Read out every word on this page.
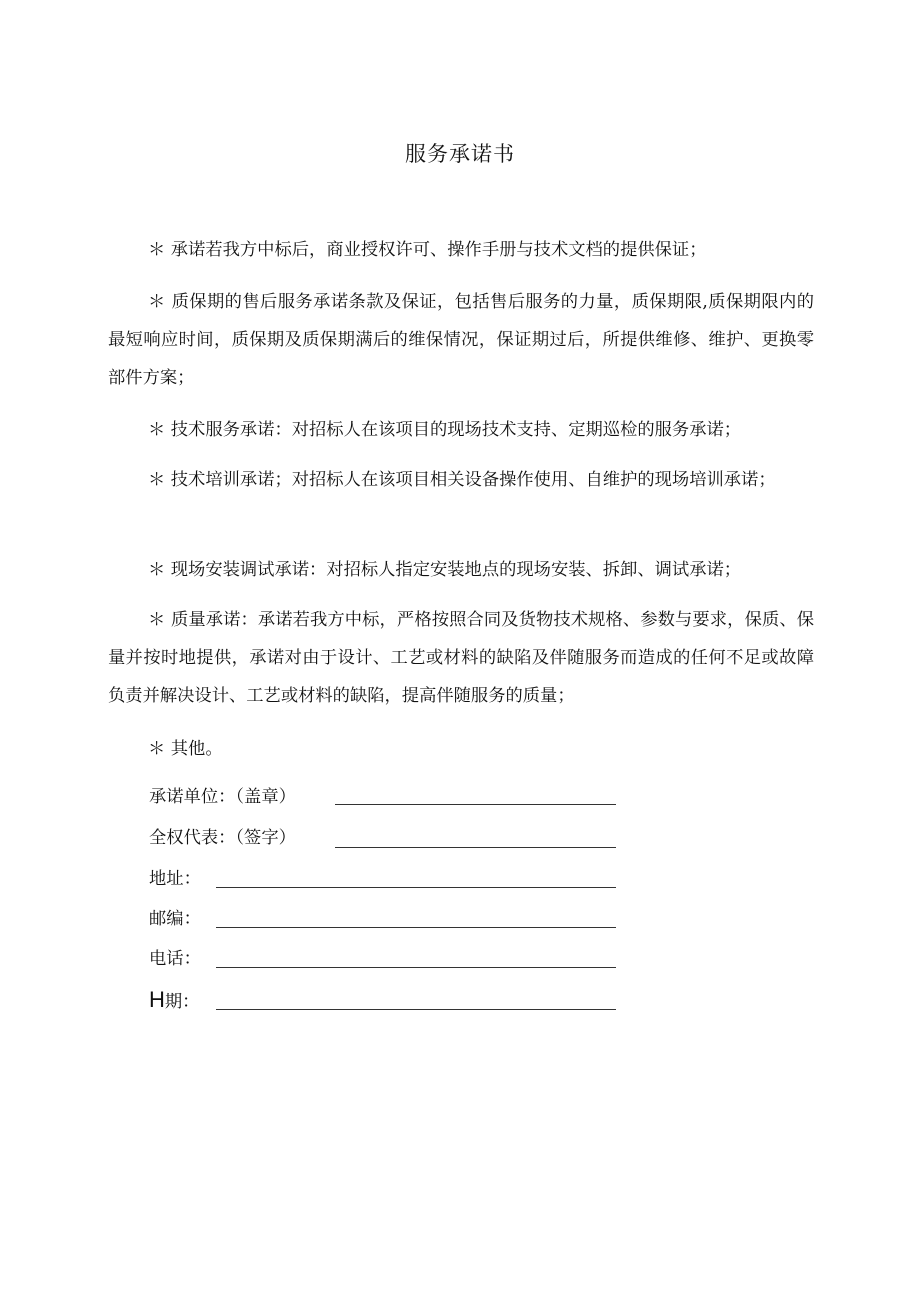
服务承诺书

＊ 承诺若我方中标后，商业授权许可、操作手册与技术文档的提供保证；

＊ 质保期的售后服务承诺条款及保证，包括售后服务的力量，质保期限,质保期限内的最短响应时间，质保期及质保期满后的维保情况，保证期过后，所提供维修、维护、更换零部件方案；

＊ 技术服务承诺：对招标人在该项目的现场技术支持、定期巡检的服务承诺；

＊ 技术培训承诺；对招标人在该项目相关设备操作使用、自维护的现场培训承诺；

＊ 现场安装调试承诺：对招标人指定安装地点的现场安装、拆卸、调试承诺；

＊ 质量承诺：承诺若我方中标，严格按照合同及货物技术规格、参数与要求，保质、保量并按时地提供，承诺对由于设计、工艺或材料的缺陷及伴随服务而造成的任何不足或故障负责并解决设计、工艺或材料的缺陷，提高伴随服务的质量；

＊ 其他。

承诺单位：（盖章）
全权代表：（签字）
地址：
邮编：
电话：
H期：
